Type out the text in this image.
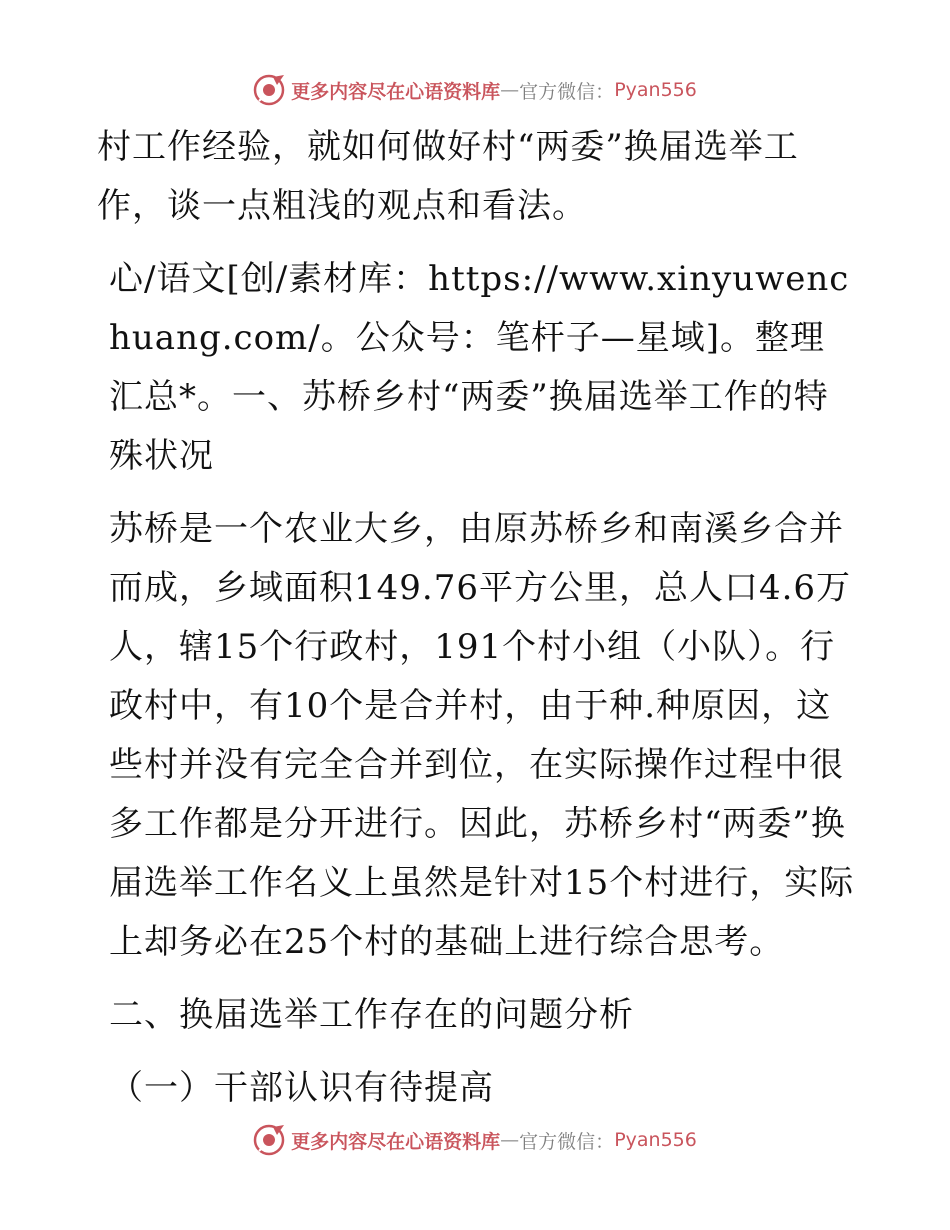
更多内容尽在心语资料库 — 官方微信： Pyan556

村工作经验，就如何做好村“两委”换届选举工作，谈一点粗浅的观点和看法。

心/语文[创/素材库：https://www.xinyuwenchuang.com/。公众号：笔杆子—星域]。整理汇总*。一、苏桥乡村“两委”换届选举工作的特殊状况

苏桥是一个农业大乡，由原苏桥乡和南溪乡合并而成，乡域面积149.76平方公里，总人口4.6万人，辖15个行政村，191个村小组（小队）。行政村中，有10个是合并村，由于种.种原因，这些村并没有完全合并到位，在实际操作过程中很多工作都是分开进行。因此，苏桥乡村“两委”换届选举工作名义上虽然是针对15个村进行，实际上却务必在25个村的基础上进行综合思考。

二、换届选举工作存在的问题分析

（一）干部认识有待提高

更多内容尽在心语资料库 — 官方微信： Pyan556
